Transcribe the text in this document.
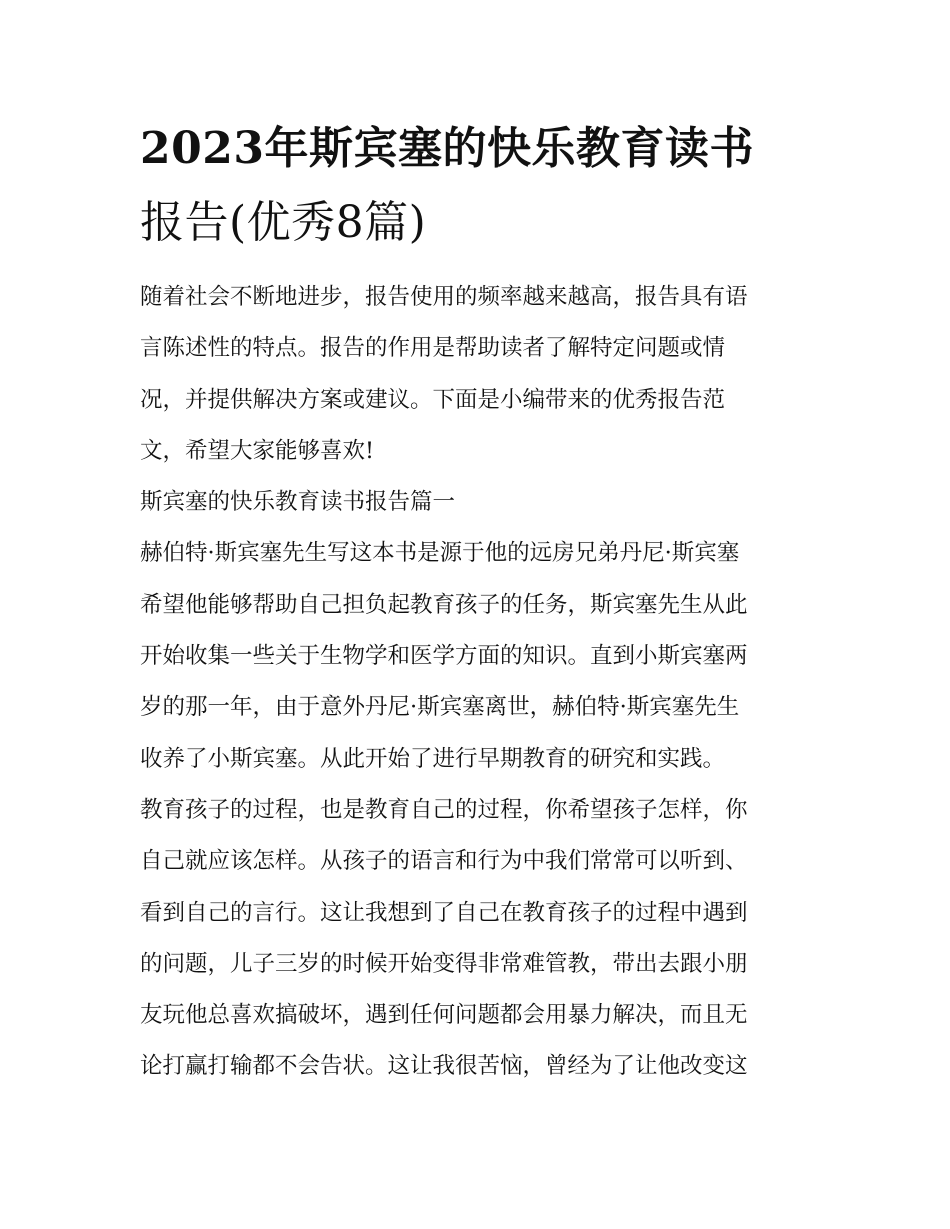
2023年斯宾塞的快乐教育读书
报告(优秀8篇)
随着社会不断地进步，报告使用的频率越来越高，报告具有语
言陈述性的特点。报告的作用是帮助读者了解特定问题或情
况，并提供解决方案或建议。下面是小编带来的优秀报告范
文，希望大家能够喜欢!
斯宾塞的快乐教育读书报告篇一
赫伯特·斯宾塞先生写这本书是源于他的远房兄弟丹尼·斯宾塞
希望他能够帮助自己担负起教育孩子的任务，斯宾塞先生从此
开始收集一些关于生物学和医学方面的知识。直到小斯宾塞两
岁的那一年，由于意外丹尼·斯宾塞离世，赫伯特·斯宾塞先生
收养了小斯宾塞。从此开始了进行早期教育的研究和实践。
教育孩子的过程，也是教育自己的过程，你希望孩子怎样，你
自己就应该怎样。从孩子的语言和行为中我们常常可以听到、
看到自己的言行。这让我想到了自己在教育孩子的过程中遇到
的问题，儿子三岁的时候开始变得非常难管教，带出去跟小朋
友玩他总喜欢搞破坏，遇到任何问题都会用暴力解决，而且无
论打赢打输都不会告状。这让我很苦恼，曾经为了让他改变这
